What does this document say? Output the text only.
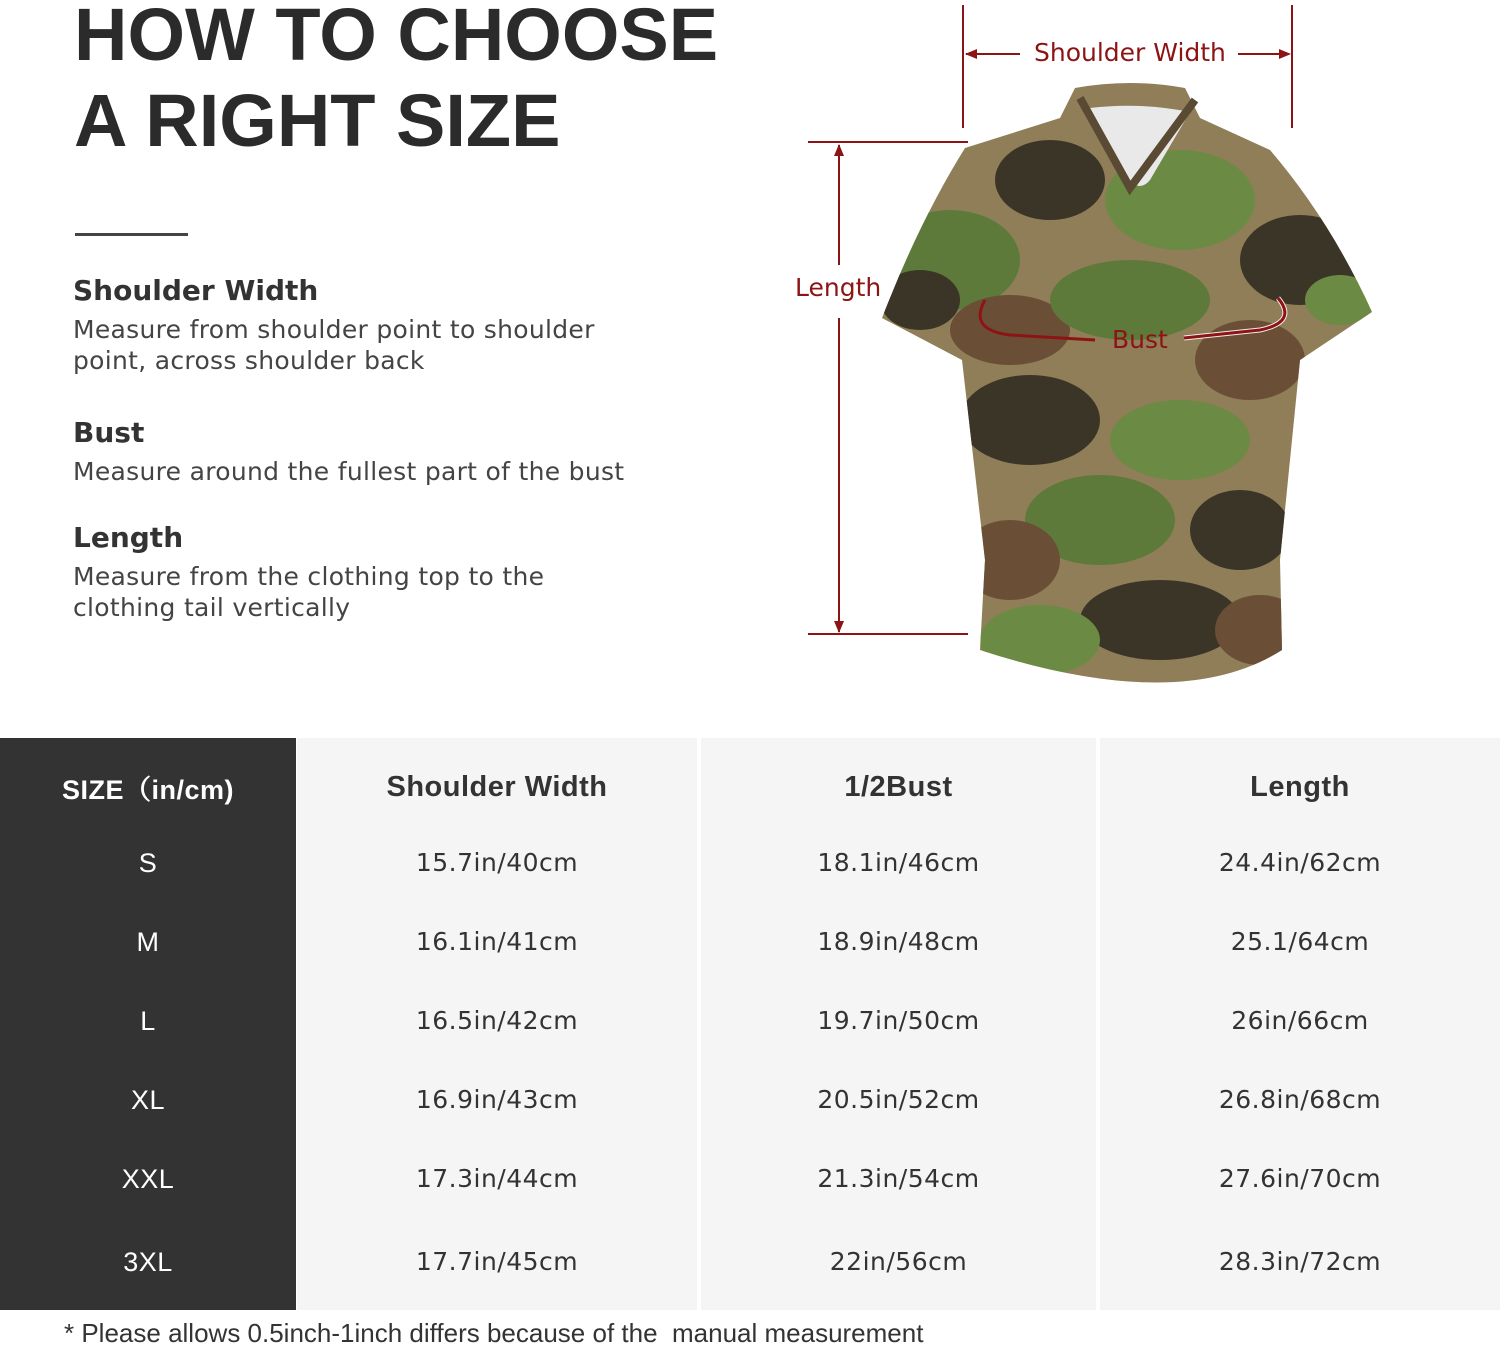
HOW TO CHOOSE
A RIGHT SIZE
Shoulder Width
Measure from shoulder point to shoulder point, across shoulder back
Bust
Measure around the fullest part of the bust
Length
Measure from the clothing top to the clothing tail vertically
Shoulder Width
Length
Bust
SIZE（in/cm)
S
M
L
XL
XXL
3XL
Shoulder Width
15.7in/40cm
16.1in/41cm
16.5in/42cm
16.9in/43cm
17.3in/44cm
17.7in/45cm
1/2Bust
18.1in/46cm
18.9in/48cm
19.7in/50cm
20.5in/52cm
21.3in/54cm
22in/56cm
Length
24.4in/62cm
25.1/64cm
26in/66cm
26.8in/68cm
27.6in/70cm
28.3in/72cm
* Please allows 0.5inch-1inch differs because of the  manual measurement
